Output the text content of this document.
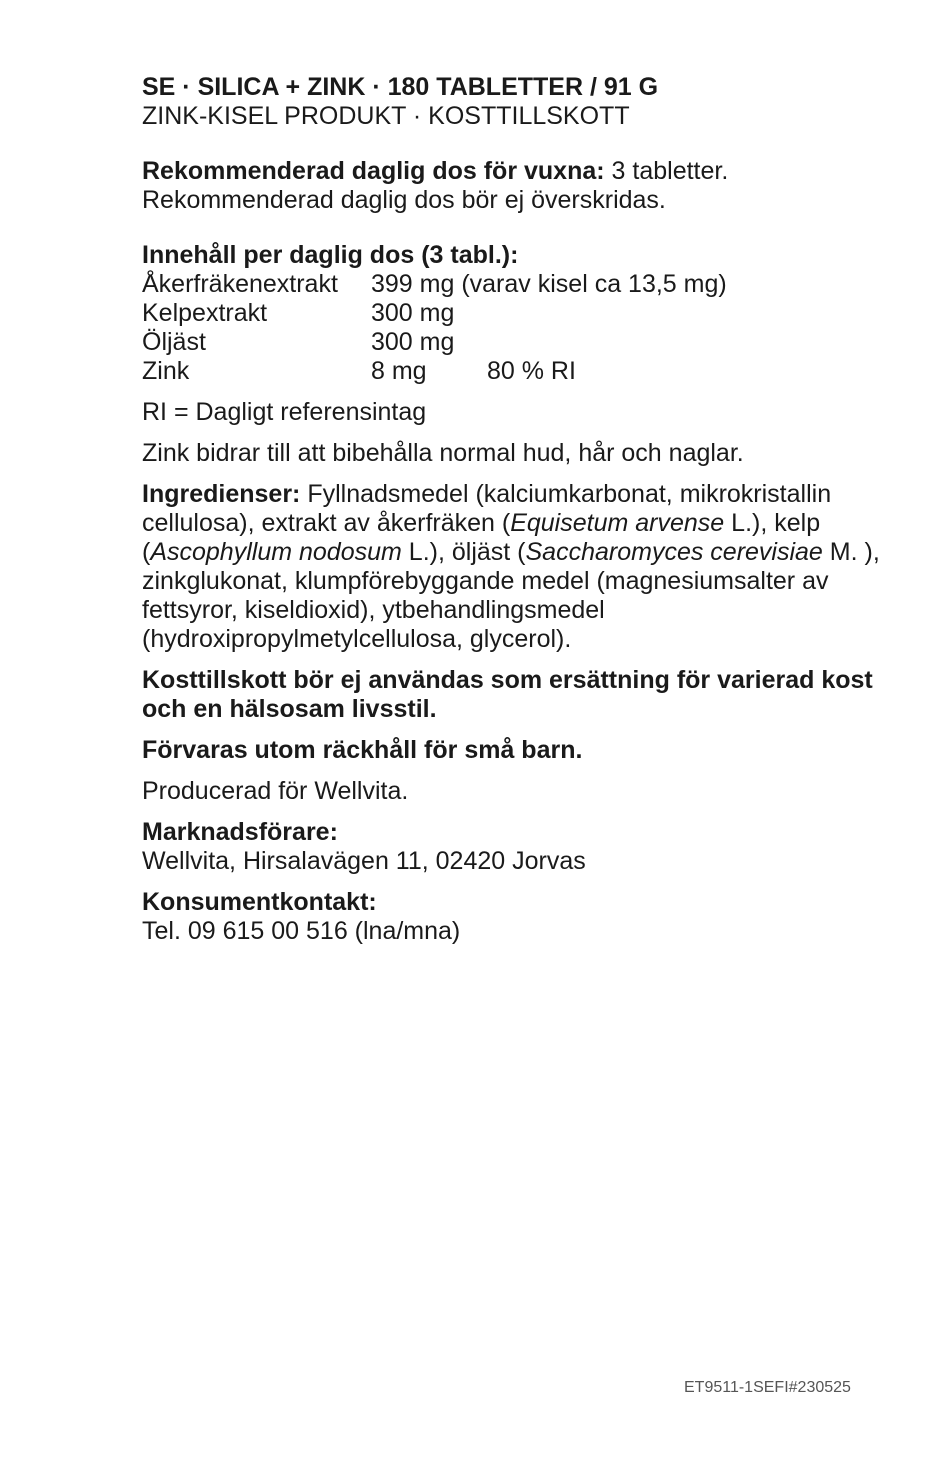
SE · SILICA + ZINK · 180 TABLETTER / 91 G

ZINK-KISEL PRODUKT · KOSTTILLSKOTT

Rekommenderad daglig dos för vuxna: 3 tabletter.

Rekommenderad daglig dos bör ej överskridas.

Innehåll per daglig dos (3 tabl.):

Åkerfräkenextrakt	399 mg (varav kisel ca 13,5 mg)	
Kelpextrakt	300 mg	
Öljäst	300 mg	
Zink	8 mg	80 % RI

RI = Dagligt referensintag

Zink bidrar till att bibehålla normal hud, hår och naglar.

Ingredienser: Fyllnadsmedel (kalciumkarbonat, mikrokristallin cellulosa), extrakt av åkerfräken (Equisetum arvense L.), kelp (Ascophyllum nodosum L.), öljäst (Saccharomyces cerevisiae M. ), zinkglukonat, klumpförebyggande medel (magnesiumsalter av fettsyror, kiseldioxid), ytbehandlingsmedel (hydroxipropylmetylcellulosa, glycerol).

Kosttillskott bör ej användas som ersättning för varierad kost och en hälsosam livsstil.

Förvaras utom räckhåll för små barn.

Producerad för Wellvita.

Marknadsförare:

Wellvita, Hirsalavägen 11, 02420 Jorvas

Konsumentkontakt:

Tel. 09 615 00 516 (lna/mna)

ET9511-1SEFI#230525
